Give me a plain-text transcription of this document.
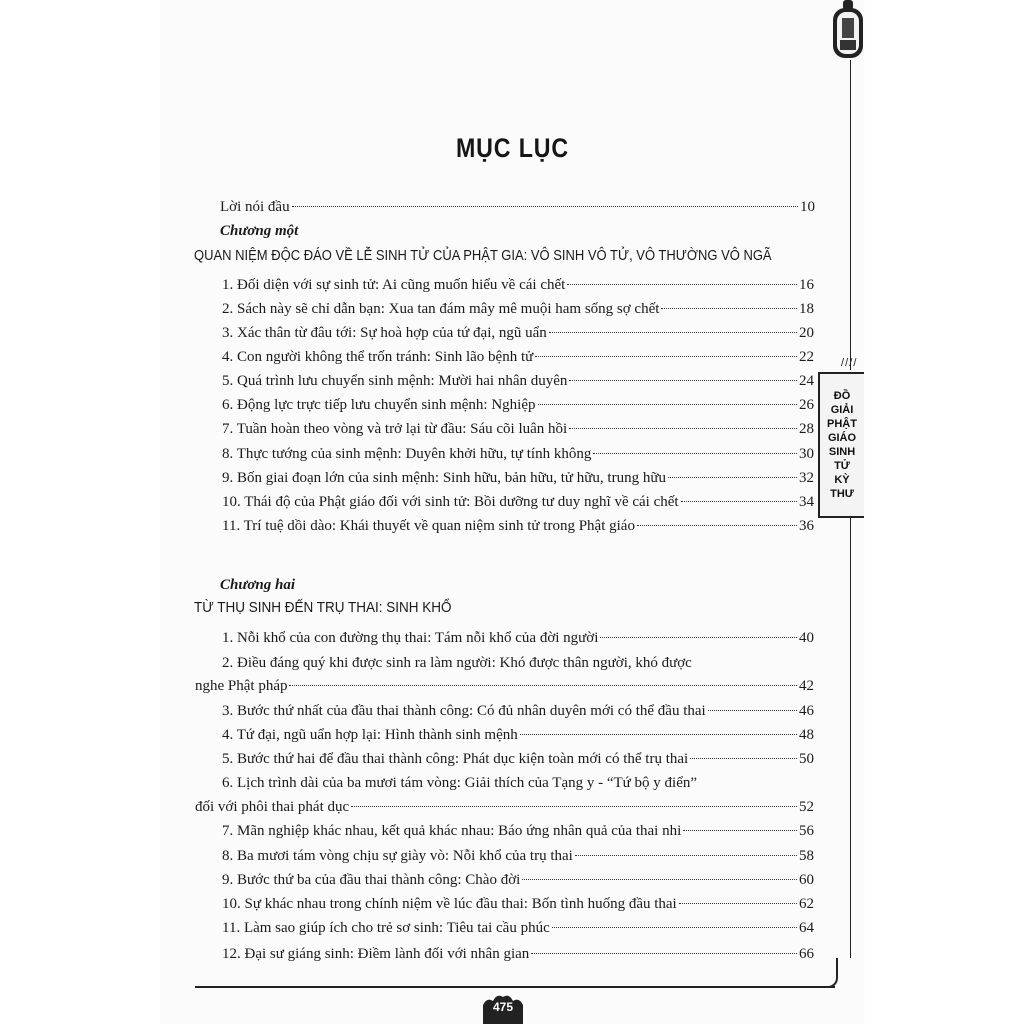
MỤC LỤC
Lời nói đầu	10
Chương một
QUAN NIỆM ĐỘC ĐÁO VỀ LỄ SINH TỬ CỦA PHẬT GIA: VÔ SINH VÔ TỬ, VÔ THƯỜNG VÔ NGÃ
1. Đối diện với sự sinh tử: Ai cũng muốn hiểu về cái chết	16
2. Sách này sẽ chỉ dẫn bạn: Xua tan đám mây mê muội ham sống sợ chết	18
3. Xác thân từ đâu tới: Sự hoà hợp của tứ đại, ngũ uẩn	20
4. Con người không thể trốn tránh: Sinh lão bệnh tử	22
5. Quá trình lưu chuyển sinh mệnh: Mười hai nhân duyên	24
6. Động lực trực tiếp lưu chuyển sinh mệnh: Nghiệp	26
7. Tuần hoàn theo vòng và trở lại từ đầu: Sáu cõi luân hồi	28
8. Thực tướng của sinh mệnh: Duyên khởi hữu, tự tính không	30
9. Bốn giai đoạn lớn của sinh mệnh: Sinh hữu, bản hữu, tử hữu, trung hữu	32
10. Thái độ của Phật giáo đối với sinh tử: Bồi dưỡng tư duy nghĩ về cái chết	34
11. Trí tuệ dồi dào: Khái thuyết về quan niệm sinh tử trong Phật giáo	36
Chương hai
TỪ THỤ SINH ĐẾN TRỤ THAI: SINH KHỔ
1. Nỗi khổ của con đường thụ thai: Tám nỗi khổ của đời người	40
2. Điều đáng quý khi được sinh ra làm người: Khó được thân người, khó được
nghe Phật pháp	42
3. Bước thứ nhất của đầu thai thành công: Có đủ nhân duyên mới có thể đầu thai	46
4. Tứ đại, ngũ uẩn hợp lại: Hình thành sinh mệnh	48
5. Bước thứ hai để đầu thai thành công: Phát dục kiện toàn mới có thể trụ thai	50
6. Lịch trình dài của ba mươi tám vòng: Giải thích của Tạng y - “Tứ bộ y điển”
đối với phôi thai phát dục	52
7. Mãn nghiệp khác nhau, kết quả khác nhau: Báo ứng nhân quả của thai nhi	56
8. Ba mươi tám vòng chịu sự giày vò: Nỗi khổ của trụ thai	58
9. Bước thứ ba của đầu thai thành công: Chào đời	60
10. Sự khác nhau trong chính niệm về lúc đầu thai: Bốn tình huống đầu thai	62
11. Làm sao giúp ích cho trẻ sơ sinh: Tiêu tai cầu phúc	64
12. Đại sư giáng sinh: Điềm lành đối với nhân gian	66
/ / / /
ĐỒ
GIẢI
PHẬT
GIÁO
SINH
TỬ
KỲ
THƯ
475
